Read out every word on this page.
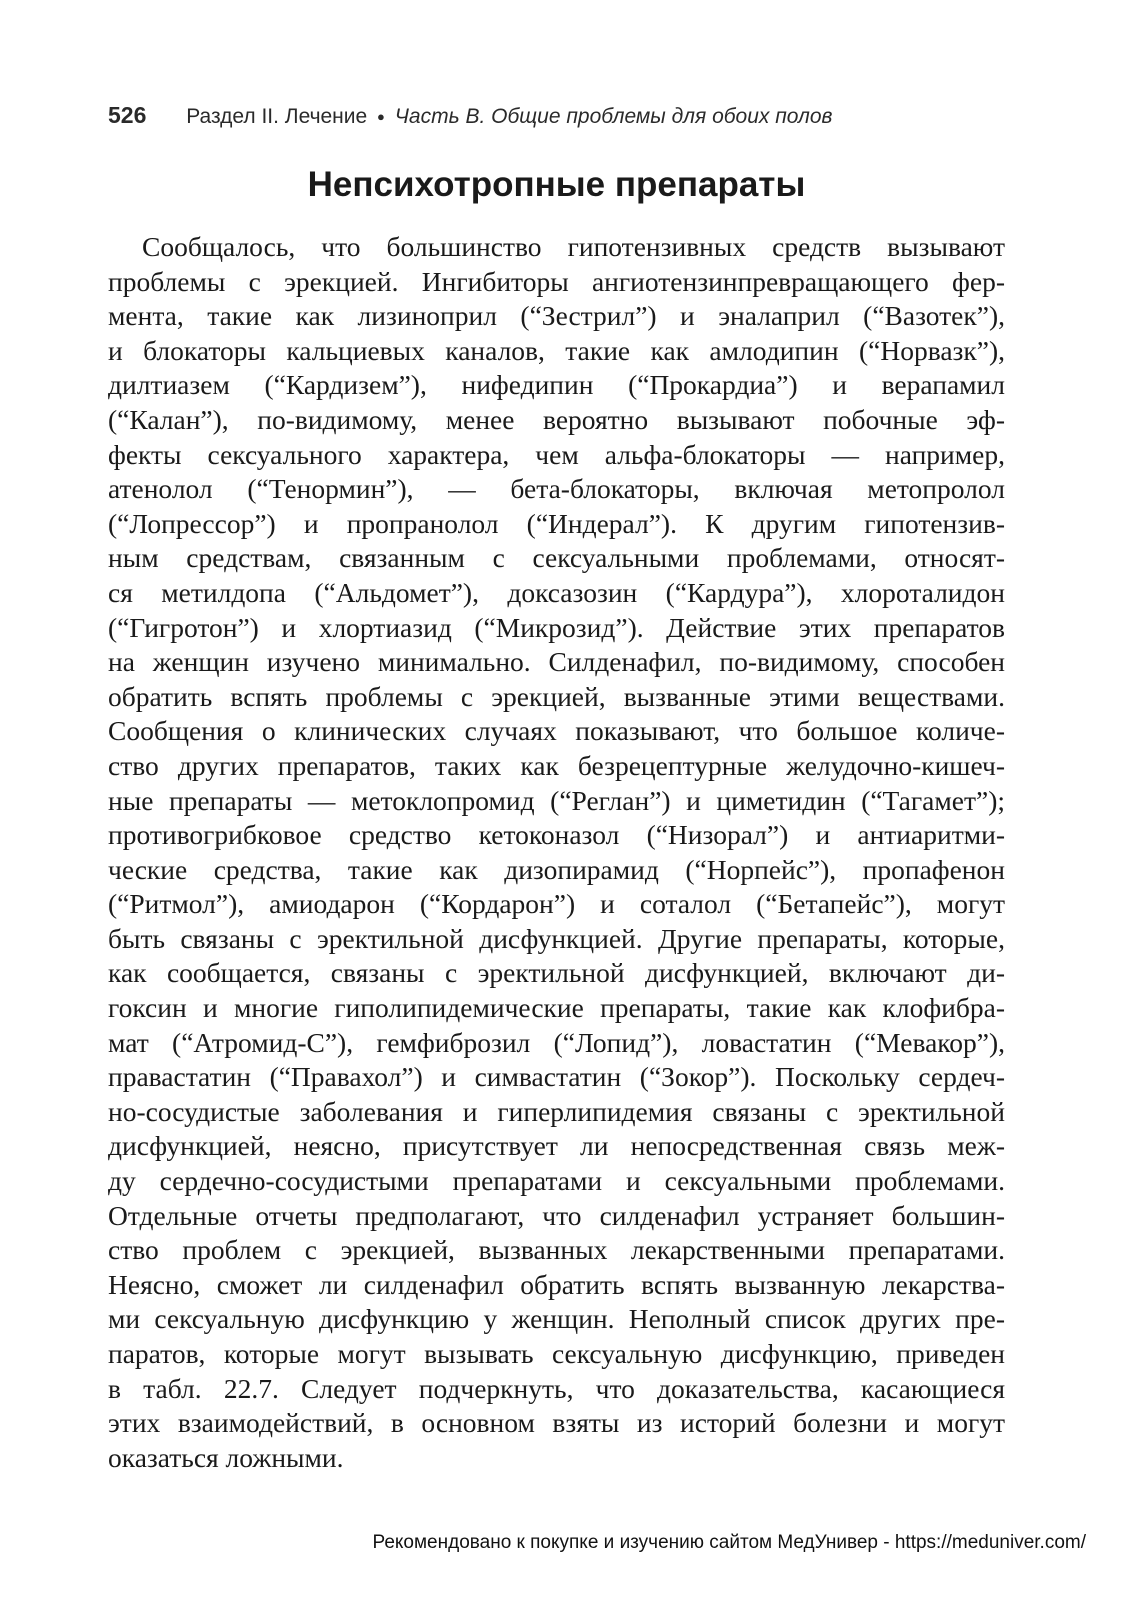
526 Раздел II. Лечение ● Часть В. Общие проблемы для обоих полов
Непсихотропные препараты
Сообщалось, что большинство гипотензивных средств вызывают
проблемы с эрекцией. Ингибиторы ангиотензинпревращающего фер-
мента, такие как лизиноприл (“Зестрил”) и эналаприл (“Вазотек”),
и блокаторы кальциевых каналов, такие как амлодипин (“Норвазк”),
дилтиазем (“Кардизем”), нифедипин (“Прокардиа”) и верапамил
(“Калан”), по-видимому, менее вероятно вызывают побочные эф-
фекты сексуального характера, чем альфа-блокаторы — например,
атенолол (“Тенормин”), — бета-блокаторы, включая метопролол
(“Лопрессор”) и пропранолол (“Индерал”). К другим гипотензив-
ным средствам, связанным с сексуальными проблемами, относят-
ся метилдопа (“Альдомет”), доксазозин (“Кардура”), хлороталидон
(“Гигротон”) и хлортиазид (“Микрозид”). Действие этих препаратов
на женщин изучено минимально. Силденафил, по-видимому, способен
обратить вспять проблемы с эрекцией, вызванные этими веществами.
Сообщения о клинических случаях показывают, что большое количе-
ство других препаратов, таких как безрецептурные желудочно-кишеч-
ные препараты — метоклопромид (“Реглан”) и циметидин (“Тагамет”);
противогрибковое средство кетоконазол (“Низорал”) и антиаритми-
ческие средства, такие как дизопирамид (“Норпейс”), пропафенон
(“Ритмол”), амиодарон (“Кордарон”) и соталол (“Бетапейс”), могут
быть связаны с эректильной дисфункцией. Другие препараты, которые,
как сообщается, связаны с эректильной дисфункцией, включают ди-
гоксин и многие гиполипидемические препараты, такие как клофибра-
мат (“Атромид-С”), гемфиброзил (“Лопид”), ловастатин (“Мевакор”),
правастатин (“Правахол”) и симвастатин (“Зокор”). Поскольку сердеч-
но-сосудистые заболевания и гиперлипидемия связаны с эректильной
дисфункцией, неясно, присутствует ли непосредственная связь меж-
ду сердечно-сосудистыми препаратами и сексуальными проблемами.
Отдельные отчеты предполагают, что силденафил устраняет большин-
ство проблем с эрекцией, вызванных лекарственными препаратами.
Неясно, сможет ли силденафил обратить вспять вызванную лекарства-
ми сексуальную дисфункцию у женщин. Неполный список других пре-
паратов, которые могут вызывать сексуальную дисфункцию, приведен
в табл. 22.7. Следует подчеркнуть, что доказательства, касающиеся
этих взаимодействий, в основном взяты из историй болезни и могут
оказаться ложными.
Рекомендовано к покупке и изучению сайтом МедУнивер - https://meduniver.com/
